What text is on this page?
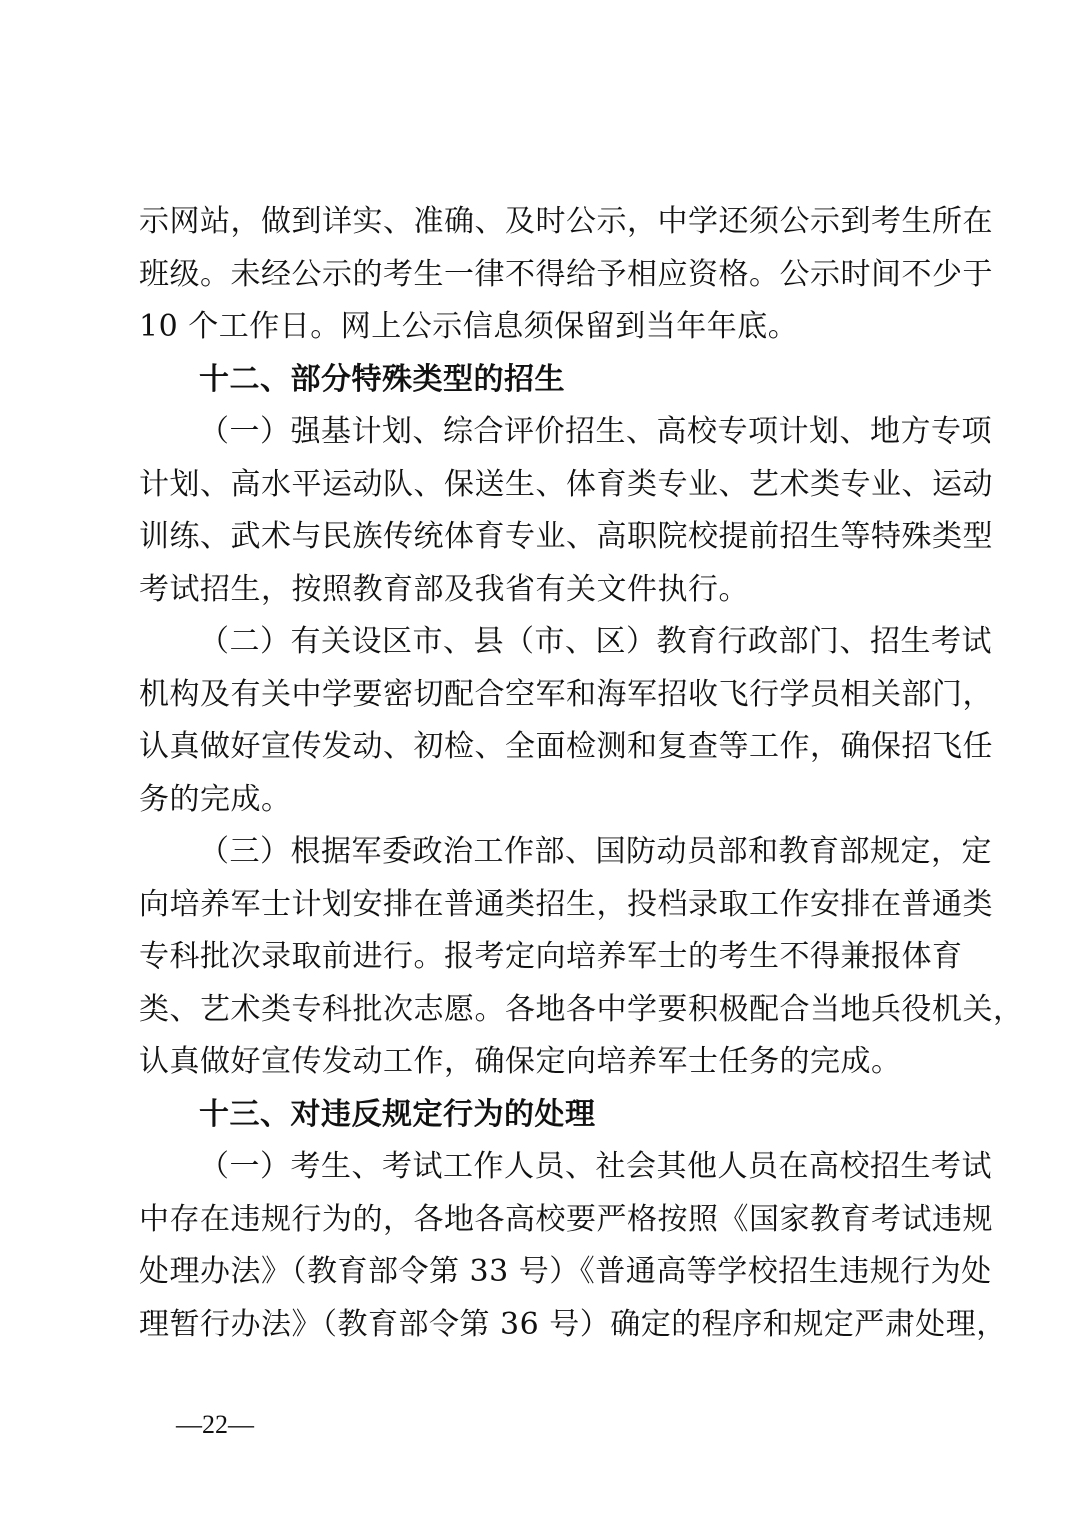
示网站，做到详实、准确、及时公示，中学还须公示到考生所在
班级。未经公示的考生一律不得给予相应资格。公示时间不少于
10 个工作日。网上公示信息须保留到当年年底。
十二、部分特殊类型的招生
（一）强基计划、综合评价招生、高校专项计划、地方专项
计划、高水平运动队、保送生、体育类专业、艺术类专业、运动
训练、武术与民族传统体育专业、高职院校提前招生等特殊类型
考试招生，按照教育部及我省有关文件执行。
（二）有关设区市、县（市、区）教育行政部门、招生考试
机构及有关中学要密切配合空军和海军招收飞行学员相关部门，
认真做好宣传发动、初检、全面检测和复查等工作，确保招飞任
务的完成。
（三）根据军委政治工作部、国防动员部和教育部规定，定
向培养军士计划安排在普通类招生，投档录取工作安排在普通类
专科批次录取前进行。报考定向培养军士的考生不得兼报体育
类、艺术类专科批次志愿。各地各中学要积极配合当地兵役机关，
认真做好宣传发动工作，确保定向培养军士任务的完成。
十三、对违反规定行为的处理
（一）考生、考试工作人员、社会其他人员在高校招生考试
中存在违规行为的，各地各高校要严格按照《国家教育考试违规
处理办法》（教育部令第 33 号）《普通高等学校招生违规行为处
理暂行办法》（教育部令第 36 号）确定的程序和规定严肃处理，
—22—
